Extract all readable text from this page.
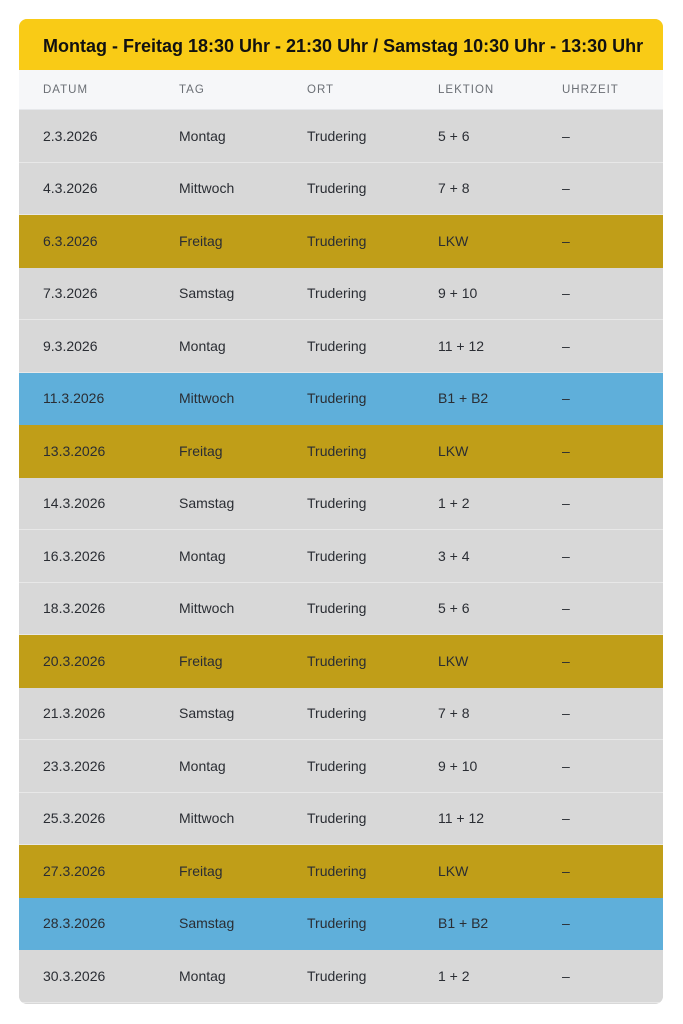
Montag - Freitag 18:30 Uhr - 21:30 Uhr / Samstag 10:30 Uhr - 13:30 Uhr
DATUM	TAG	ORT	LEKTION	UHRZEIT
2.3.2026	Montag	Trudering	5 + 6	–
4.3.2026	Mittwoch	Trudering	7 + 8	–
6.3.2026	Freitag	Trudering	LKW	–
7.3.2026	Samstag	Trudering	9 + 10	–
9.3.2026	Montag	Trudering	11 + 12	–
11.3.2026	Mittwoch	Trudering	B1 + B2	–
13.3.2026	Freitag	Trudering	LKW	–
14.3.2026	Samstag	Trudering	1 + 2	–
16.3.2026	Montag	Trudering	3 + 4	–
18.3.2026	Mittwoch	Trudering	5 + 6	–
20.3.2026	Freitag	Trudering	LKW	–
21.3.2026	Samstag	Trudering	7 + 8	–
23.3.2026	Montag	Trudering	9 + 10	–
25.3.2026	Mittwoch	Trudering	11 + 12	–
27.3.2026	Freitag	Trudering	LKW	–
28.3.2026	Samstag	Trudering	B1 + B2	–
30.3.2026	Montag	Trudering	1 + 2	–
